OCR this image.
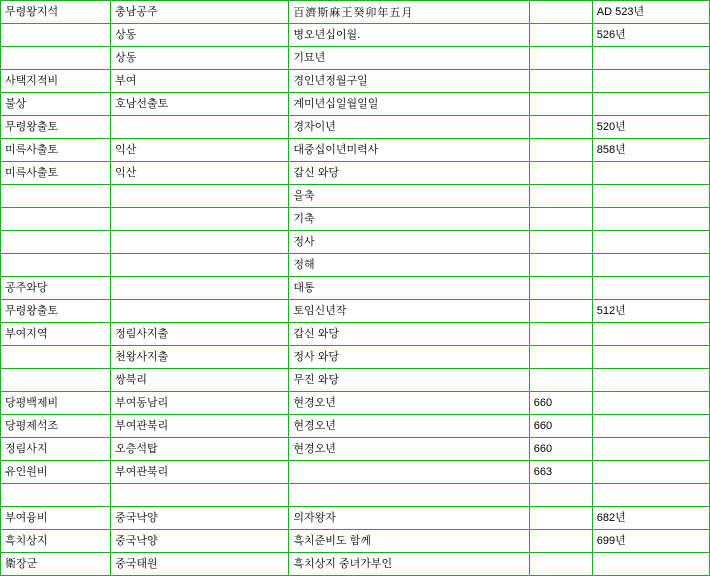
무령왕지석	충남공주	百濟斯麻王癸卯年五月		AD 523년
	상동	병오년십이월.		526년
	상동	기묘년		
사택지적비	부여	경인년정월구일		
불상	호남선출토	계미년십일월일일		
무령왕출토		경자이년		520년
미륵사출토	익산	대중십이년미력사		858년
미륵사출토	익산	갑신 와당		
		을축		
		기축		
		정사		
		정해		
공주와당		대통		
무령왕출토		토임신년작		512년
부여지역	정림사지출	갑신 와당		
	천왕사지출	정사 와당		
	쌍북리	무진 와당		
당평백제비	부여동남리	현경오년	660	
당평제석조	부여관북리	현경오년	660	
정림사지	오층석탑	현경오년	660	
유인원비	부여관북리		663	

부여융비	중국낙양	의자왕자		682년
흑치상지	중국낙양	흑치준비도 함께		699년
衛장군	중국태원	흑치상지 중녀가부인		
